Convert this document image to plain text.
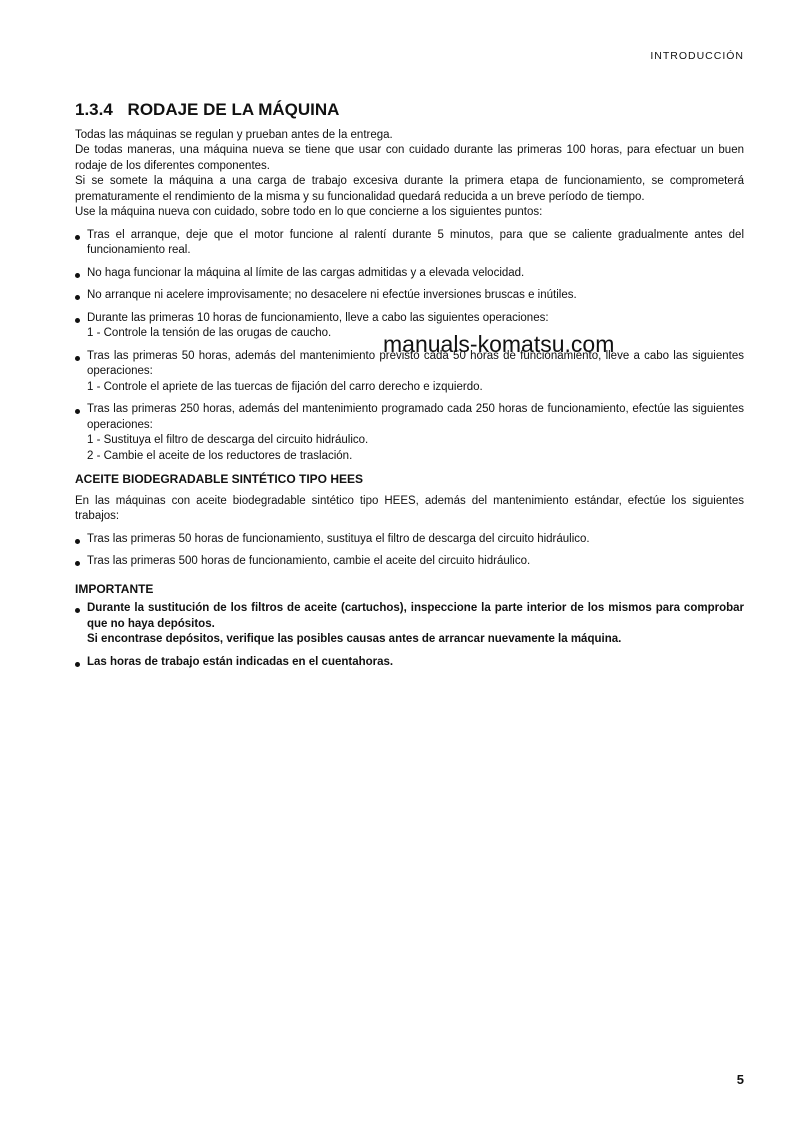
INTRODUCCIÓN
1.3.4 RODAJE DE LA MÁQUINA

Todas las máquinas se regulan y prueban antes de la entrega.

De todas maneras, una máquina nueva se tiene que usar con cuidado durante las primeras 100 horas, para efectuar un buen rodaje de los diferentes componentes.

Si se somete la máquina a una carga de trabajo excesiva durante la primera etapa de funcionamiento, se comprometerá prematuramente el rendimiento de la misma y su funcionalidad quedará reducida a un breve período de tiempo.

Use la máquina nueva con cuidado, sobre todo en lo que concierne a los siguientes puntos:

Tras el arranque, deje que el motor funcione al ralentí durante 5 minutos, para que se caliente gradualmente antes del funcionamiento real.
No haga funcionar la máquina al límite de las cargas admitidas y a elevada velocidad.
No arranque ni acelere improvisamente; no desacelere ni efectúe inversiones bruscas e inútiles.
Durante las primeras 10 horas de funcionamiento, lleve a cabo las siguientes operaciones:
1 - Controle la tensión de las orugas de caucho.
Tras las primeras 50 horas, además del mantenimiento previsto cada 50 horas de funcionamiento, lleve a cabo las siguientes operaciones:
1 - Controle el apriete de las tuercas de fijación del carro derecho e izquierdo.
Tras las primeras 250 horas, además del mantenimiento programado cada 250 horas de funcionamiento, efectúe las siguientes operaciones:
1 - Sustituya el filtro de descarga del circuito hidráulico.
2 - Cambie el aceite de los reductores de traslación.
ACEITE BIODEGRADABLE SINTÉTICO TIPO HEES

En las máquinas con aceite biodegradable sintético tipo HEES, además del mantenimiento estándar, efectúe los siguientes trabajos:

Tras las primeras 50 horas de funcionamiento, sustituya el filtro de descarga del circuito hidráulico.
Tras las primeras 500 horas de funcionamiento, cambie el aceite del circuito hidráulico.
IMPORTANTE
Durante la sustitución de los filtros de aceite (cartuchos), inspeccione la parte interior de los mismos para comprobar que no haya depósitos.
Si encontrase depósitos, verifique las posibles causas antes de arrancar nuevamente la máquina.
Las horas de trabajo están indicadas en el cuentahoras.
manuals-komatsu.com
5
